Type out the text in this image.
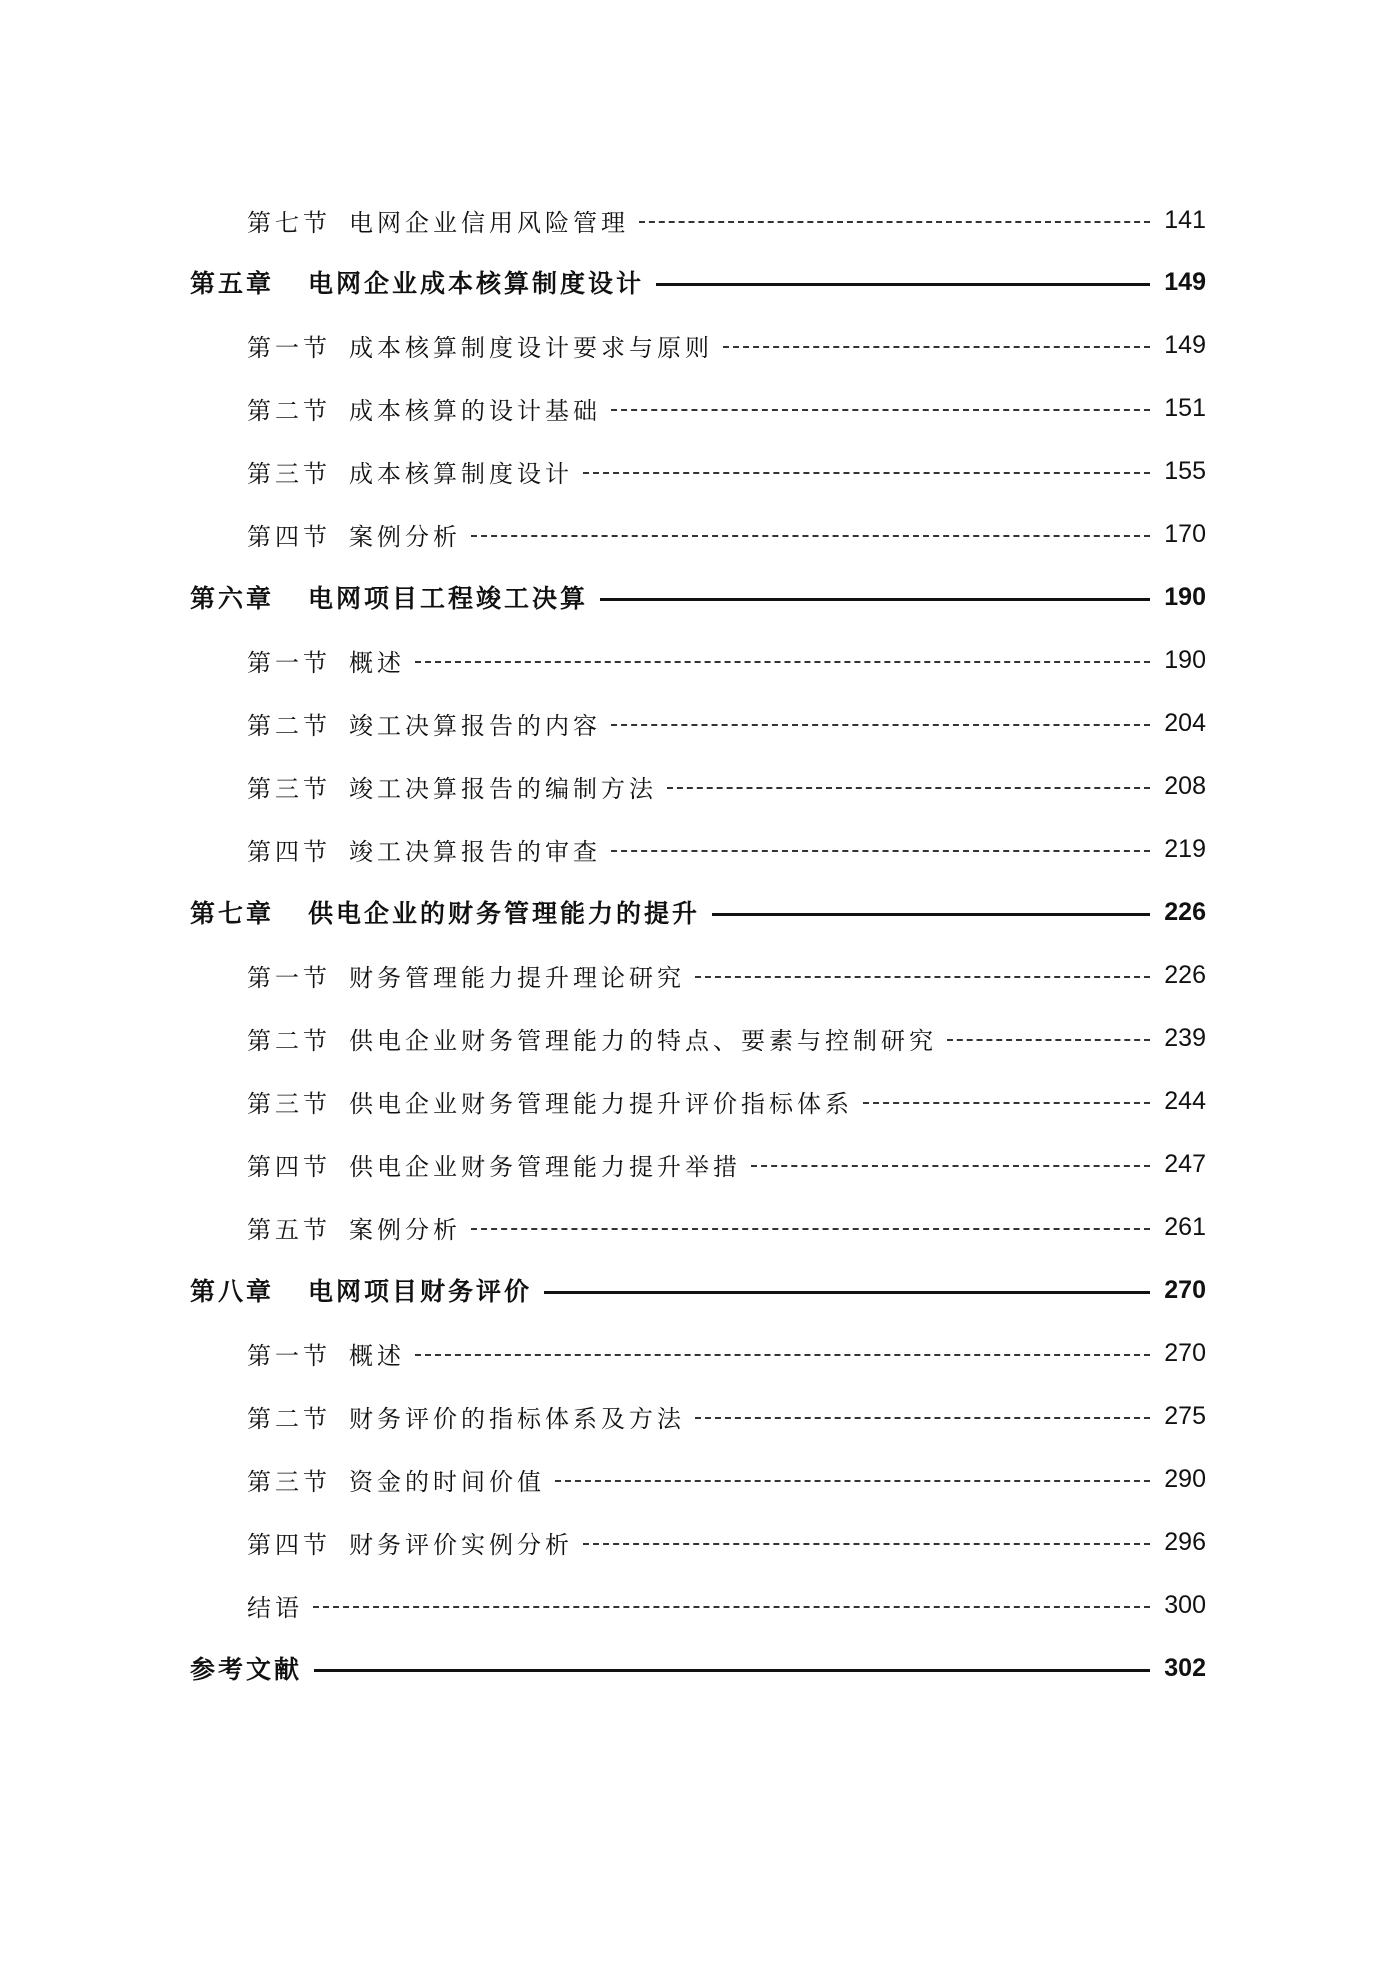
第七节 电网企业信用风险管理	141
第五章 电网企业成本核算制度设计	149
第一节 成本核算制度设计要求与原则	149
第二节 成本核算的设计基础	151
第三节 成本核算制度设计	155
第四节 案例分析	170
第六章 电网项目工程竣工决算	190
第一节 概述	190
第二节 竣工决算报告的内容	204
第三节 竣工决算报告的编制方法	208
第四节 竣工决算报告的审查	219
第七章 供电企业的财务管理能力的提升	226
第一节 财务管理能力提升理论研究	226
第二节 供电企业财务管理能力的特点、要素与控制研究	239
第三节 供电企业财务管理能力提升评价指标体系	244
第四节 供电企业财务管理能力提升举措	247
第五节 案例分析	261
第八章 电网项目财务评价	270
第一节 概述	270
第二节 财务评价的指标体系及方法	275
第三节 资金的时间价值	290
第四节 财务评价实例分析	296
结语	300
参考文献	302
